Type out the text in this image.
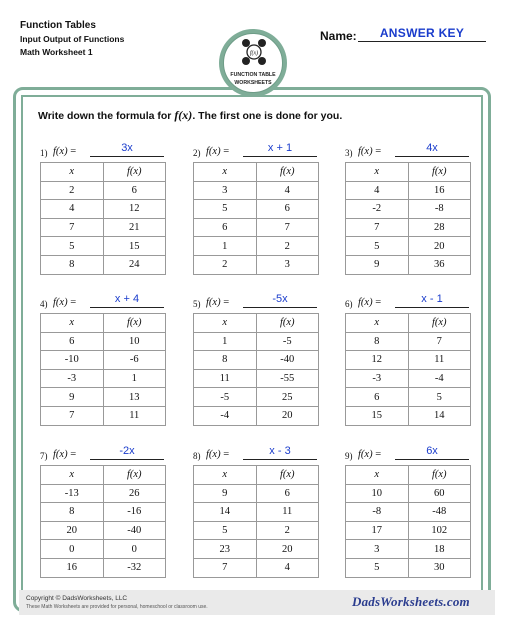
Function Tables
Input Output of Functions
Math Worksheet 1
Name:	ANSWER KEY
f(x)
FUNCTION TABLE
WORKSHEETS
Write down the formula for f(x). The first one is done for you.
1) f(x) =	3x
x	f(x)
2	6
4	12
7	21
5	15
8	24
2) f(x) =	x + 1
x	f(x)
3	4
5	6
6	7
1	2
2	3
3) f(x) =	4x
x	f(x)
4	16
-2	-8
7	28
5	20
9	36
4) f(x) =	x + 4
x	f(x)
6	10
-10	-6
-3	1
9	13
7	11
5) f(x) =	-5x
x	f(x)
1	-5
8	-40
11	-55
-5	25
-4	20
6) f(x) =	x - 1
x	f(x)
8	7
12	11
-3	-4
6	5
15	14
7) f(x) =	-2x
x	f(x)
-13	26
8	-16
20	-40
0	0
16	-32
8) f(x) =	x - 3
x	f(x)
9	6
14	11
5	2
23	20
7	4
9) f(x) =	6x
x	f(x)
10	60
-8	-48
17	102
3	18
5	30
Copyright © DadsWorksheets, LLC
These Math Worksheets are provided for personal, homeschool or classroom use.	DadsWorksheets.com
